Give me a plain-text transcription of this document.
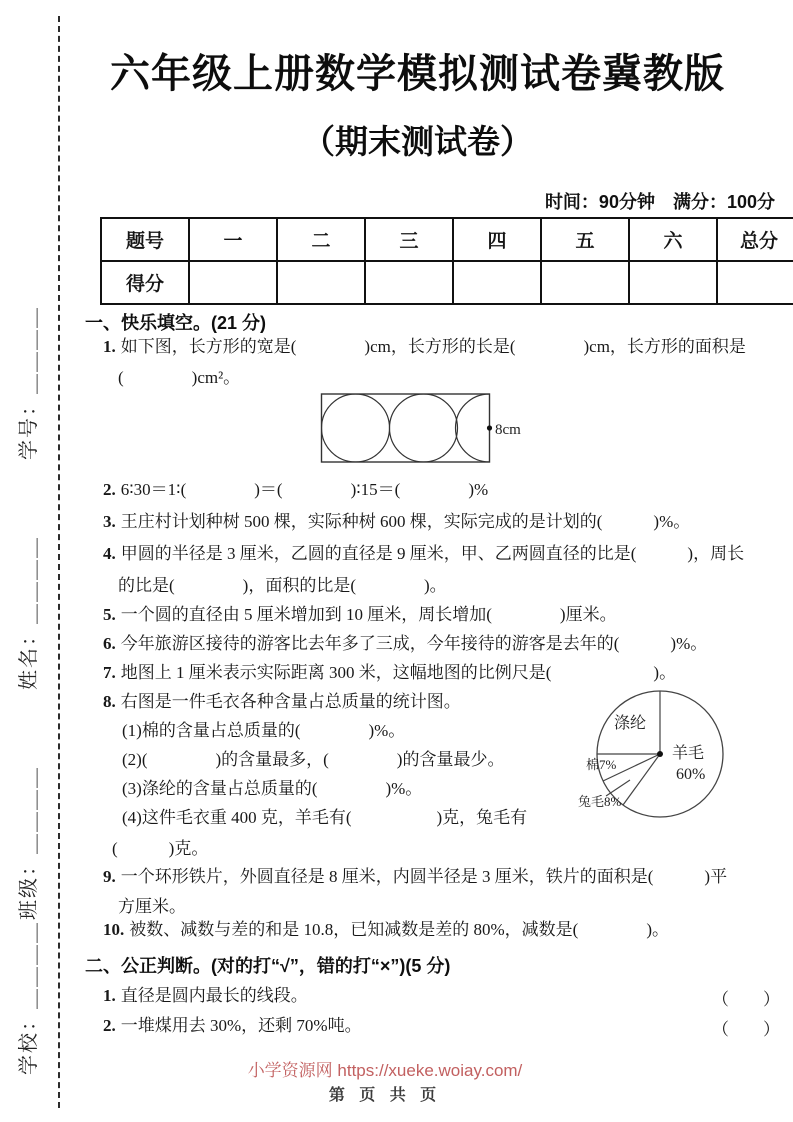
学号：＿＿＿＿
姓名：＿＿＿＿
班级：＿＿＿＿
学校：＿＿＿＿
六年级上册数学模拟测试卷冀教版
（期末测试卷）
时间：90分钟　满分：100分
题号	一	二	三	四	五	六	总分
得分							
一、快乐填空。(21 分)
1. 如下图，长方形的宽是(　　　　)cm，长方形的长是(　　　　)cm，长方形的面积是
(　　　　)cm²。
8cm
2. 6∶30＝1∶(　　　　)＝(　　　　)∶15＝(　　　　)%
3. 王庄村计划种树 500 棵，实际种树 600 棵，实际完成的是计划的(　　　)%。
4. 甲圆的半径是 3 厘米，乙圆的直径是 9 厘米，甲、乙两圆直径的比是(　　　)，周长
的比是(　　　　)，面积的比是(　　　　)。
5. 一个圆的直径由 5 厘米增加到 10 厘米，周长增加(　　　　)厘米。
6. 今年旅游区接待的游客比去年多了三成，今年接待的游客是去年的(　　　)%。
7. 地图上 1 厘米表示实际距离 300 米，这幅地图的比例尺是(　　　　　　)。
8. 右图是一件毛衣各种含量占总质量的统计图。
(1)棉的含量占总质量的(　　　　)%。
(2)(　　　　)的含量最多，(　　　　)的含量最少。
(3)涤纶的含量占总质量的(　　　　)%。
(4)这件毛衣重 400 克，羊毛有(　　　　　)克，兔毛有
(　　　)克。
涤纶
羊毛
60%
棉7%
兔毛8%
9. 一个环形铁片，外圆直径是 8 厘米，内圆半径是 3 厘米，铁片的面积是(　　　)平
方厘米。
10. 被数、减数与差的和是 10.8，已知减数是差的 80%，减数是(　　　　)。
二、公正判断。(对的打“√”，错的打“×”)(5 分)
1. 直径是圆内最长的线段。	（　　）
2. 一堆煤用去 30%，还剩 70%吨。	（　　）
小学资源网 https://xueke.woiay.com/
第 页 共 页
